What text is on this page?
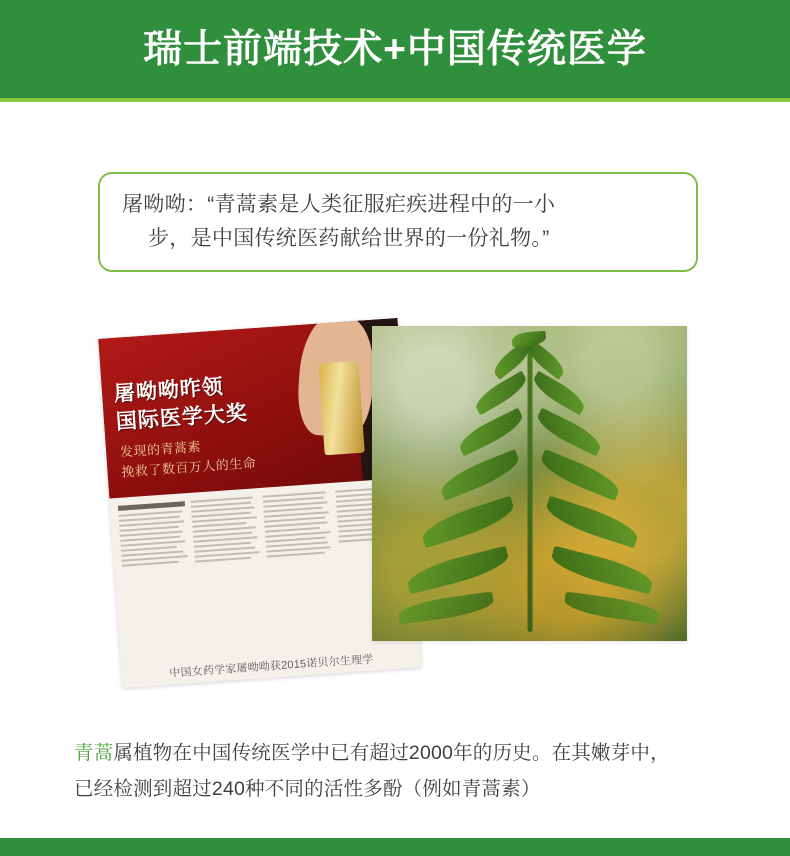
瑞士前端技术+中国传统医学
屠呦呦：“青蒿素是人类征服疟疾进程中的一小
步，是中国传统医药献给世界的一份礼物。”
屠呦呦昨领
国际医学大奖
发现的青蒿素
挽救了数百万人的生命
中国女药学家屠呦呦获2015诺贝尔生理学
青蒿属植物在中国传统医学中已有超过2000年的历史。在其嫩芽中，
已经检测到超过240种不同的活性多酚（例如青蒿素）
